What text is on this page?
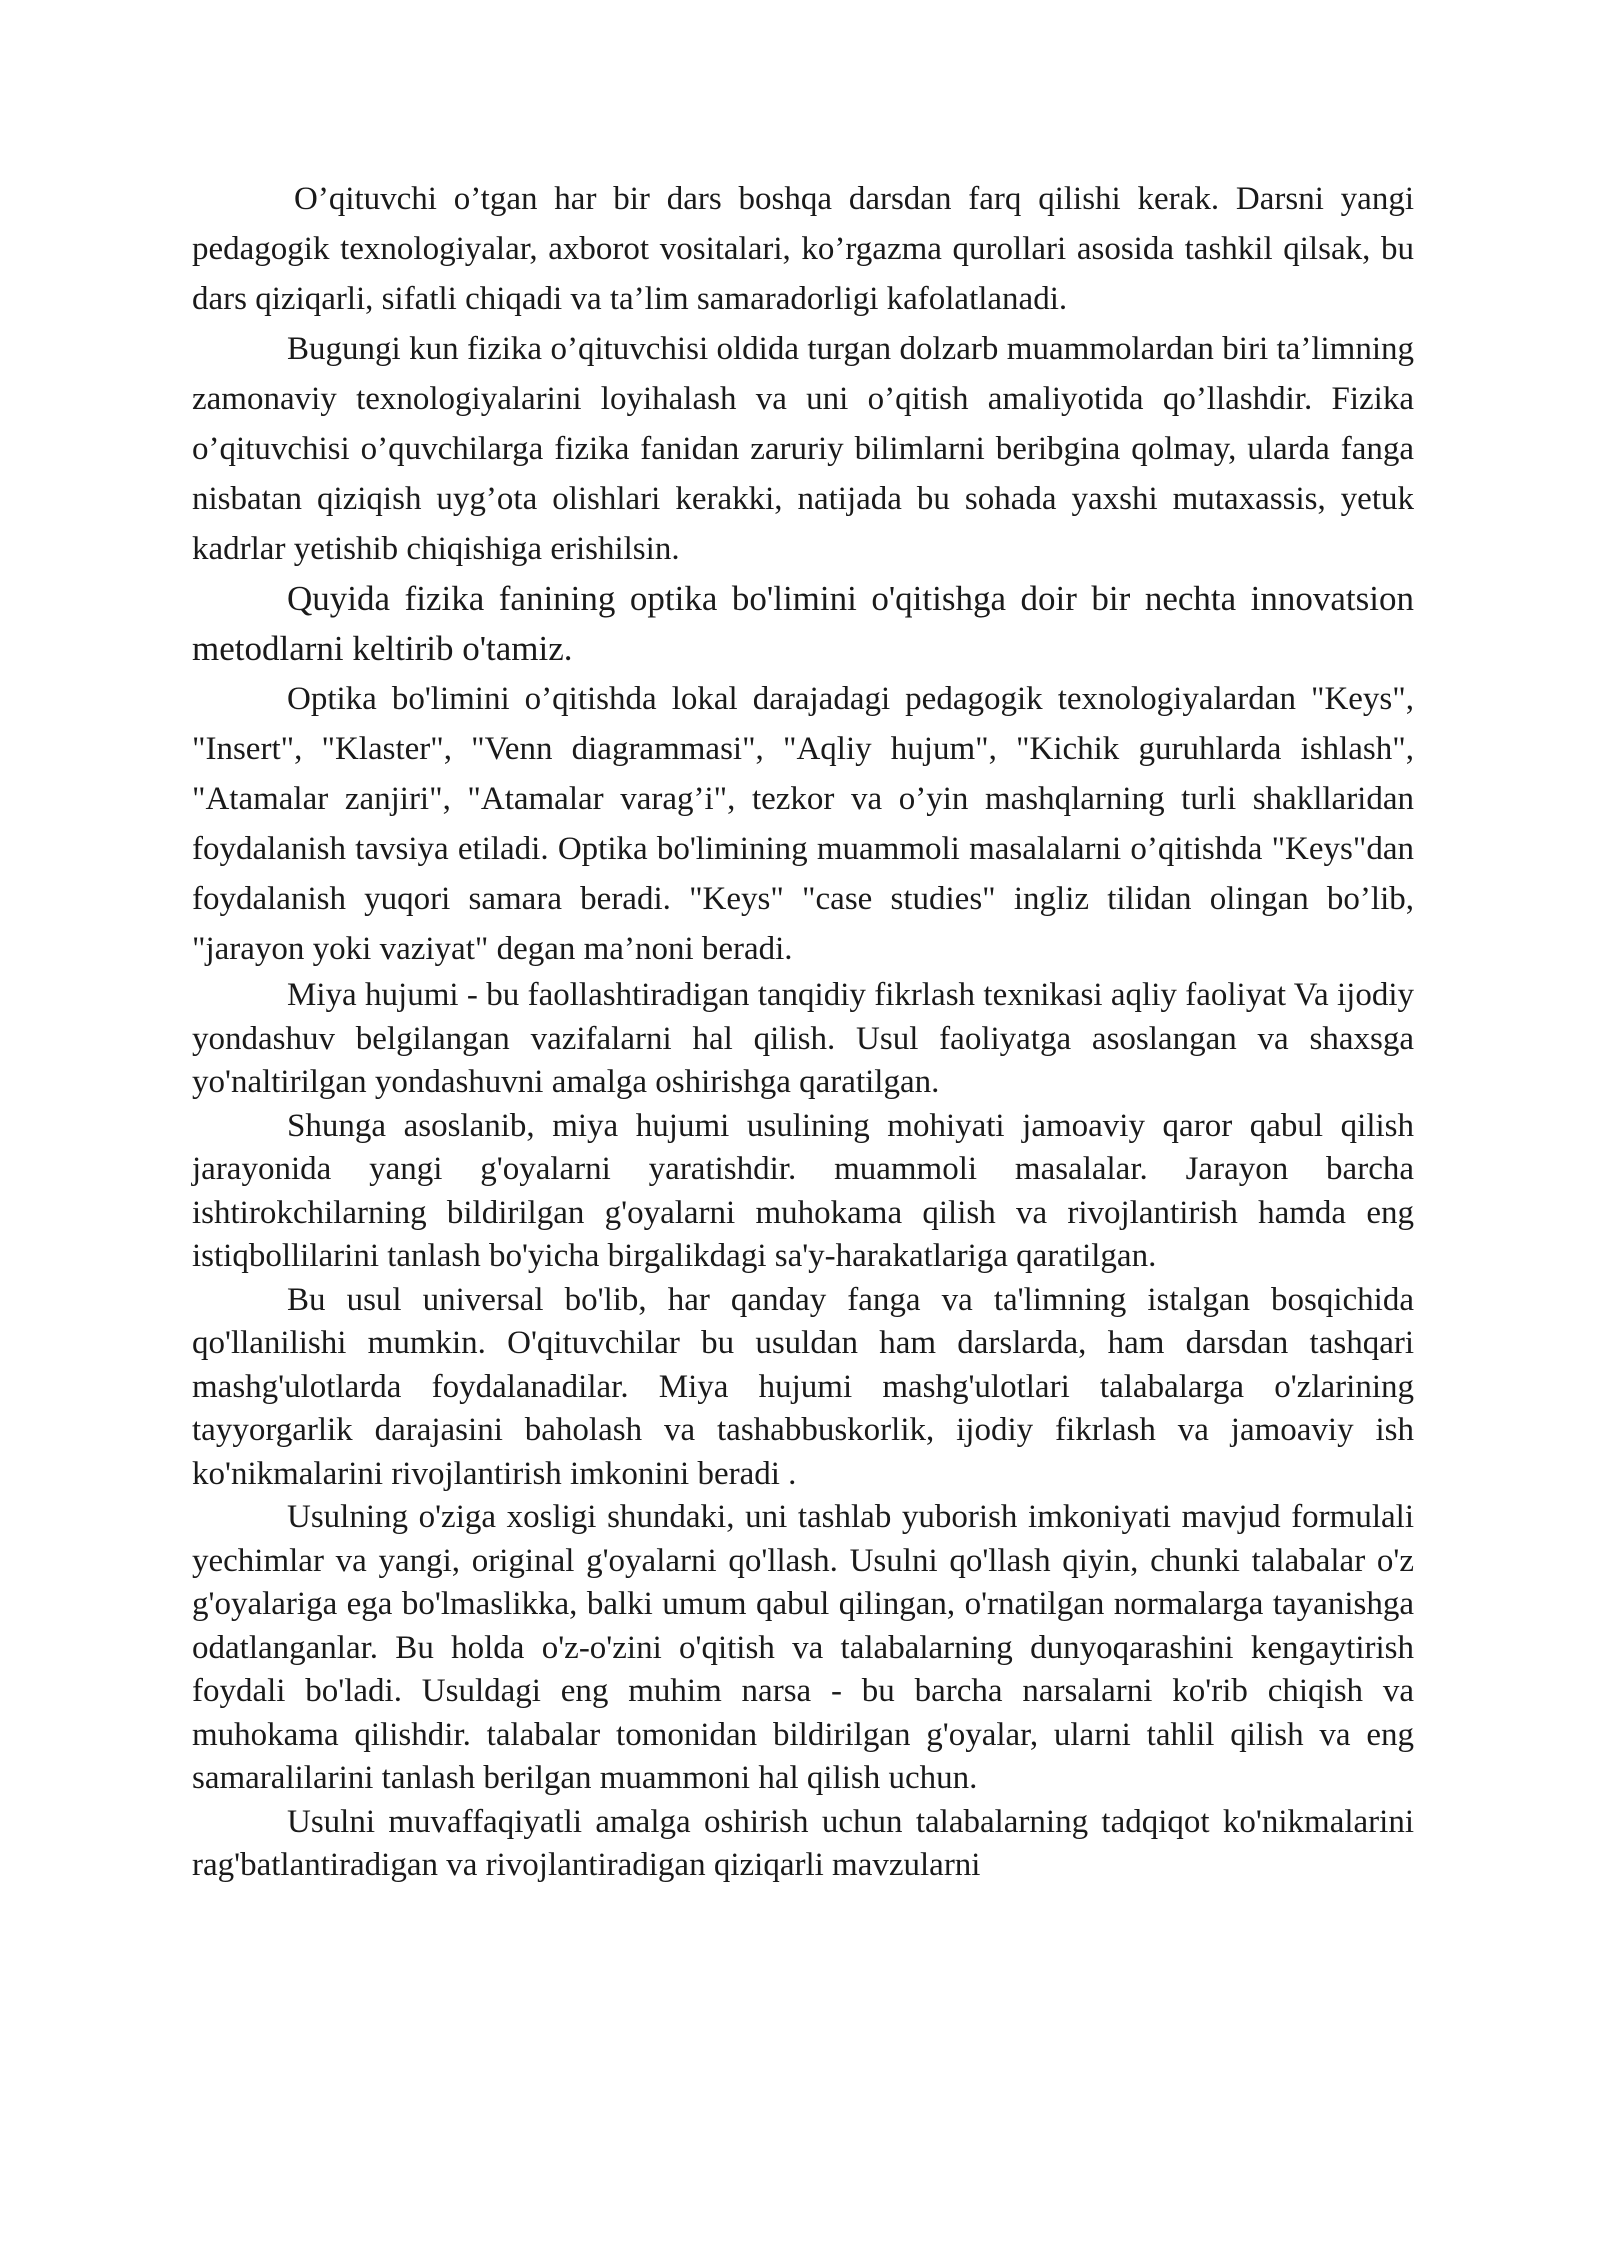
O’qituvchi o’tgan har bir dars boshqa darsdan farq qilishi kerak. Darsni yangi pedagogik texnologiyalar, axborot vositalari, ko’rgazma qurollari asosida tashkil qilsak, bu dars qiziqarli, sifatli chiqadi va ta’lim samaradorligi kafolatlanadi.

Bugungi kun fizika o’qituvchisi oldida turgan dolzarb muammolardan biri ta’limning zamonaviy texnologiyalarini loyihalash va uni o’qitish amaliyotida qo’llashdir. Fizika o’qituvchisi o’quvchilarga fizika fanidan zaruriy bilimlarni beribgina qolmay, ularda fanga nisbatan qiziqish uyg’ota olishlari kerakki, natijada bu sohada yaxshi mutaxassis, yetuk kadrlar yetishib chiqishiga erishilsin.

Quyida fizika fanining optika bo'limini o'qitishga doir bir nechta innovatsion metodlarni keltirib o'tamiz.

Optika bo'limini o’qitishda lokal darajadagi pedagogik texnologiyalardan "Keys", "Insert", "Klaster", "Venn diagrammasi", "Aqliy hujum", "Kichik guruhlarda ishlash", "Atamalar zanjiri", "Atamalar varag’i", tezkor va o’yin mashqlarning turli shakllaridan foydalanish tavsiya etiladi. Optika bo'limining muammoli masalalarni o’qitishda "Keys"dan foydalanish yuqori samara beradi. "Keys" "case studies" ingliz tilidan olingan bo’lib, "jarayon yoki vaziyat" degan ma’noni beradi.

Miya hujumi - bu faollashtiradigan tanqidiy fikrlash texnikasi aqliy faoliyat Va ijodiy yondashuv belgilangan vazifalarni hal qilish. Usul faoliyatga asoslangan va shaxsga yo'naltirilgan yondashuvni amalga oshirishga qaratilgan.

Shunga asoslanib, miya hujumi usulining mohiyati jamoaviy qaror qabul qilish jarayonida yangi g'oyalarni yaratishdir. muammoli masalalar. Jarayon barcha ishtirokchilarning bildirilgan g'oyalarni muhokama qilish va rivojlantirish hamda eng istiqbollilarini tanlash bo'yicha birgalikdagi sa'y-harakatlariga qaratilgan.

Bu usul universal bo'lib, har qanday fanga va ta'limning istalgan bosqichida qo'llanilishi mumkin. O'qituvchilar bu usuldan ham darslarda, ham darsdan tashqari mashg'ulotlarda foydalanadilar. Miya hujumi mashg'ulotlari talabalarga o'zlarining tayyorgarlik darajasini baholash va tashabbuskorlik, ijodiy fikrlash va jamoaviy ish ko'nikmalarini rivojlantirish imkonini beradi .

Usulning o'ziga xosligi shundaki, uni tashlab yuborish imkoniyati mavjud formulali yechimlar va yangi, original g'oyalarni qo'llash. Usulni qo'llash qiyin, chunki talabalar o'z g'oyalariga ega bo'lmaslikka, balki umum qabul qilingan, o'rnatilgan normalarga tayanishga odatlanganlar. Bu holda o'z-o'zini o'qitish va talabalarning dunyoqarashini kengaytirish foydali bo'ladi. Usuldagi eng muhim narsa - bu barcha narsalarni ko'rib chiqish va muhokama qilishdir. talabalar tomonidan bildirilgan g'oyalar, ularni tahlil qilish va eng samaralilarini tanlash berilgan muammoni hal qilish uchun.

Usulni muvaffaqiyatli amalga oshirish uchun talabalarning tadqiqot ko'nikmalarini rag'batlantiradigan va rivojlantiradigan qiziqarli mavzularni
